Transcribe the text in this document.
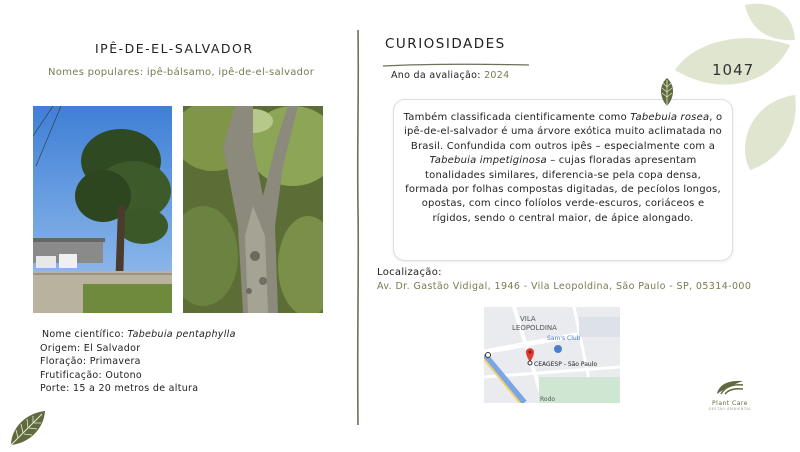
IPÊ-DE-EL-SALVADOR
Nomes populares: ipê-bálsamo, ipê-de-el-salvador
Nome científico: Tabebuia pentaphylla
Origem: El Salvador
Floração: Primavera
Frutificação: Outono
Porte: 15 a 20 metros de altura
CURIOSIDADES
Ano da avaliação: 2024
Também classificada cientificamente como Tabebuia rosea, o ipê-de-el-salvador é uma árvore exótica muito aclimatada no Brasil. Confundida com outros ipês – especialmente com a Tabebuia impetiginosa – cujas floradas apresentam tonalidades similares, diferencia-se pela copa densa, formada por folhas compostas digitadas, de pecíolos longos, opostas, com cinco folíolos verde-escuros, coriáceos e rígidos, sendo o central maior, de ápice alongado.
Localização:
Av. Dr. Gastão Vidigal, 1946 - Vila Leopoldina, São Paulo - SP, 05314-000
VILA
LEOPOLDINA
Sam's Club
CEAGESP - São Paulo
Rodo
1047
Plant Care
GESTÃO AMBIENTAL
